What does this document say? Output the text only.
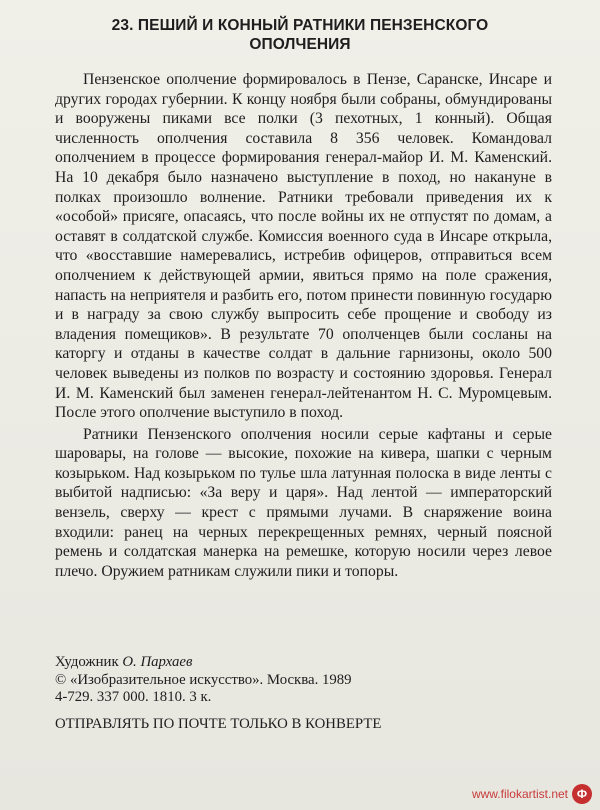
23. ПЕШИЙ И КОННЫЙ РАТНИКИ ПЕНЗЕНСКОГО
ОПОЛЧЕНИЯ

Пензенское ополчение формировалось в Пензе, Саранске, Инсаре и других городах губернии. К концу ноября были собраны, обмундированы и вооружены пиками все полки (3 пехотных, 1 конный). Общая численность ополчения составила 8 356 человек. Командовал ополчением в процессе формирования генерал-майор И. М. Каменский. На 10 декабря было назначено выступление в поход, но накануне в полках произошло волнение. Ратники требовали приведения их к «особой» присяге, опасаясь, что после войны их не отпустят по домам, а оставят в солдатской службе. Комиссия военного суда в Инсаре открыла, что «восставшие намеревались, истребив офицеров, отправиться всем ополчением к действующей армии, явиться прямо на поле сражения, напасть на неприятеля и разбить его, потом принести повинную государю и в награду за свою службу выпросить себе прощение и свободу из владения помещиков». В результате 70 ополченцев были сосланы на каторгу и отданы в качестве солдат в дальние гарнизоны, около 500 человек выведены из полков по возрасту и состоянию здоровья. Генерал И. М. Каменский был заменен генерал-лейтенантом Н. С. Муромцевым. После этого ополчение выступило в поход.

Ратники Пензенского ополчения носили серые кафтаны и серые шаровары, на голове — высокие, похожие на кивера, шапки с черным козырьком. Над козырьком по тулье шла латунная полоска в виде ленты с выбитой надписью: «За веру и царя». Над лентой — императорский вензель, сверху — крест с прямыми лучами. В снаряжение воина входили: ранец на черных перекрещенных ремнях, черный поясной ремень и солдатская манерка на ремешке, которую носили через левое плечо. Оружием ратникам служили пики и топоры.

Художник О. Пархаев
© «Изобразительное искусство». Москва. 1989
4-729. 337 000. 1810. 3 к.
ОТПРАВЛЯТЬ ПО ПОЧТЕ ТОЛЬКО В КОНВЕРТЕ
www.filokartist.net Ф
